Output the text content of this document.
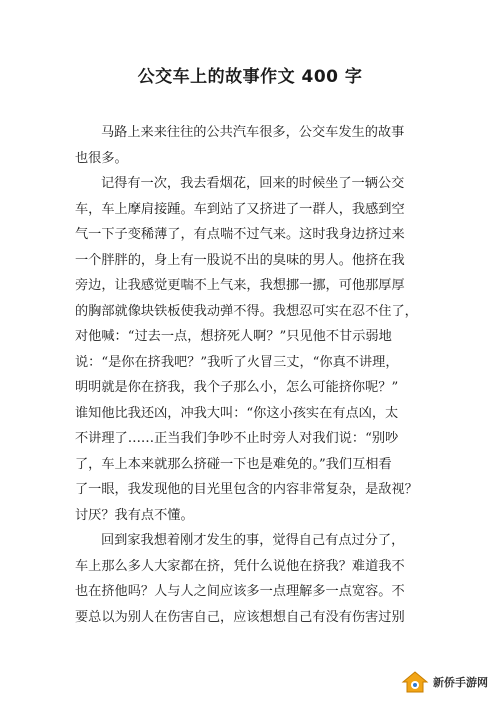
公交车上的故事作文 400 字
马路上来来往往的公共汽车很多，公交车发生的故事
也很多。
记得有一次，我去看烟花，回来的时候坐了一辆公交
车，车上摩肩接踵。车到站了又挤进了一群人，我感到空
气一下子变稀薄了，有点喘不过气来。这时我身边挤过来
一个胖胖的，身上有一股说不出的臭味的男人。他挤在我
旁边，让我感觉更喘不上气来，我想挪一挪，可他那厚厚
的胸部就像块铁板使我动弹不得。我想忍可实在忍不住了，
对他喊：“过去一点，想挤死人啊？”只见他不甘示弱地
说：“是你在挤我吧？”我听了火冒三丈，“你真不讲理，
明明就是你在挤我，我个子那么小，怎么可能挤你呢？”
谁知他比我还凶，冲我大叫：“你这小孩实在有点凶，太
不讲理了……正当我们争吵不止时旁人对我们说：“别吵
了，车上本来就那么挤碰一下也是难免的。”我们互相看
了一眼，我发现他的目光里包含的内容非常复杂，是敌视？
讨厌？我有点不懂。
回到家我想着刚才发生的事，觉得自己有点过分了，
车上那么多人大家都在挤，凭什么说他在挤我？难道我不
也在挤他吗？人与人之间应该多一点理解多一点宽容。不
要总以为别人在伤害自己，应该想想自己有没有伤害过别
新侨手游网
